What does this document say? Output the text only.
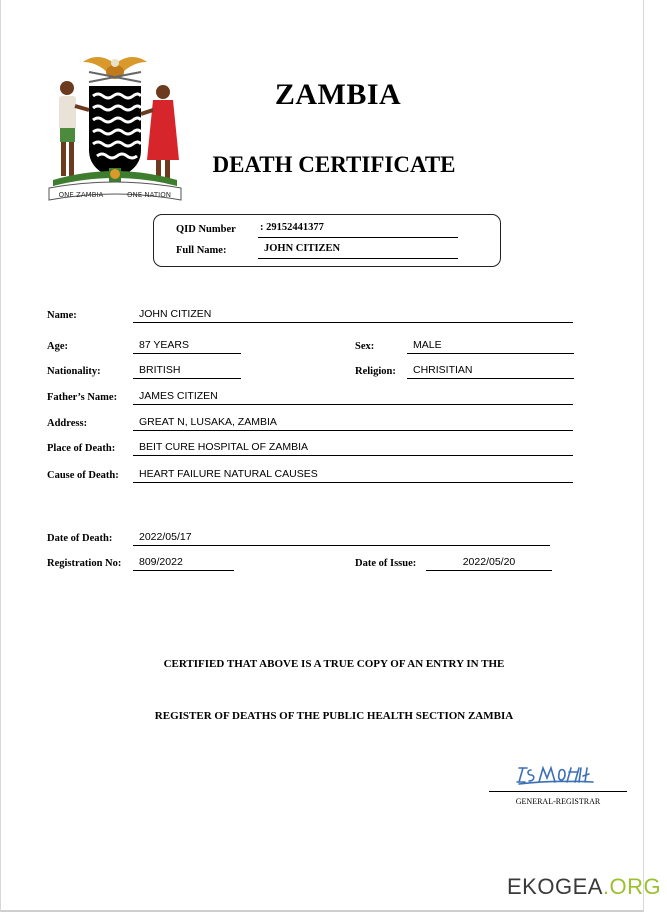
ONE ZAMBIA	ONE NATION
ZAMBIA
DEATH CERTIFICATE
QID Number : 29152441377
Full Name:	JOHN CITIZEN
Name:	JOHN CITIZEN
Age:	87 YEARS	Sex:	MALE
Nationality:	BRITISH	Religion:	CHRISITIAN
Father’s Name:	JAMES CITIZEN
Address:	GREAT N, LUSAKA, ZAMBIA
Place of Death:	BEIT CURE HOSPITAL OF ZAMBIA
Cause of Death:	HEART FAILURE NATURAL CAUSES
Date of Death:	2022/05/17
Registration No:	809/2022	Date of Issue:	2022/05/20
CERTIFIED THAT ABOVE IS A TRUE COPY OF AN ENTRY IN THE
REGISTER OF DEATHS OF THE PUBLIC HEALTH SECTION ZAMBIA
GENERAL-REGISTRAR
EKOGEA.ORG
